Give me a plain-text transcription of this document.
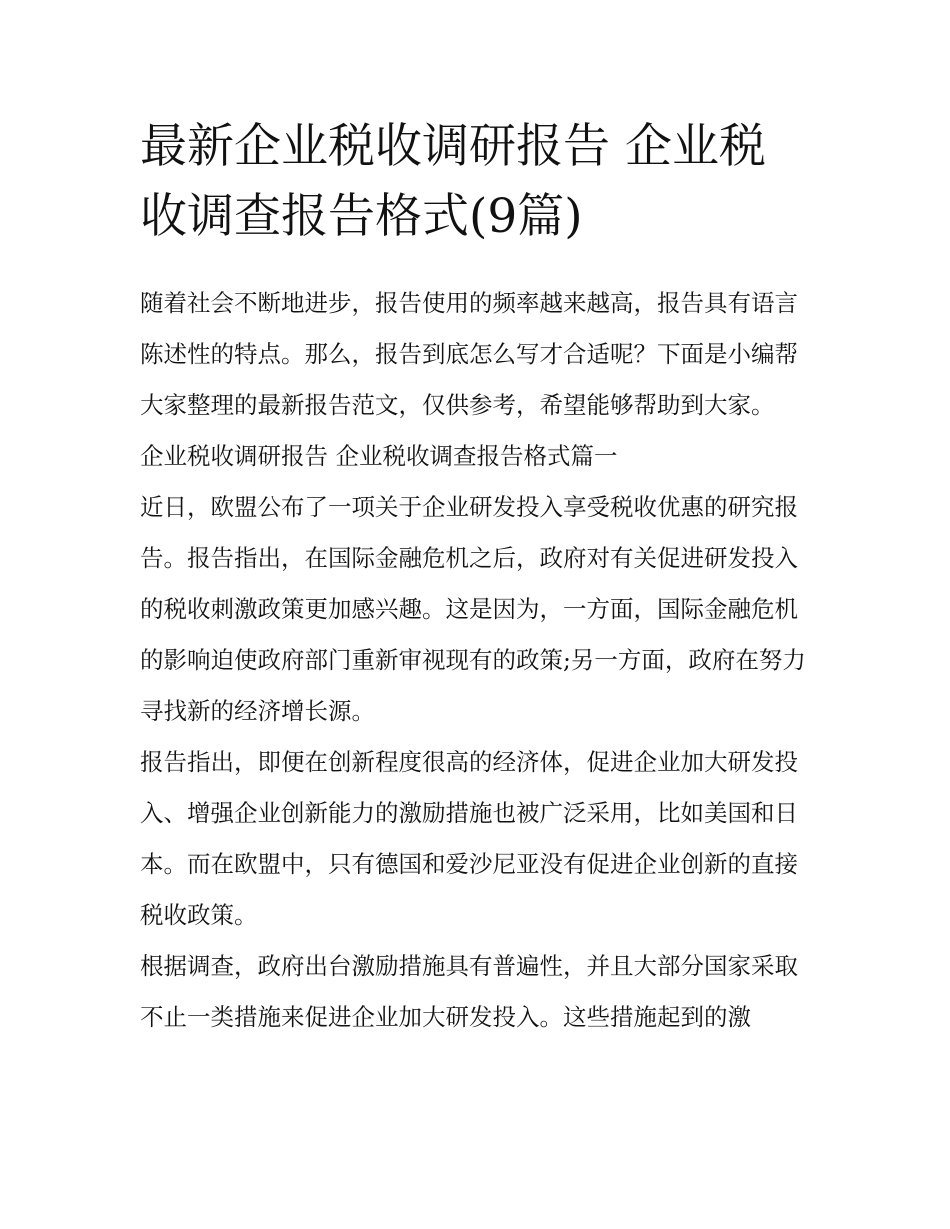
最新企业税收调研报告 企业税收调查报告格式(9篇)

随着社会不断地进步，报告使用的频率越来越高，报告具有语言陈述性的特点。那么，报告到底怎么写才合适呢？下面是小编帮大家整理的最新报告范文，仅供参考，希望能够帮助到大家。

企业税收调研报告 企业税收调查报告格式篇一

近日，欧盟公布了一项关于企业研发投入享受税收优惠的研究报告。报告指出，在国际金融危机之后，政府对有关促进研发投入的税收刺激政策更加感兴趣。这是因为，一方面，国际金融危机的影响迫使政府部门重新审视现有的政策;另一方面，政府在努力寻找新的经济增长源。

报告指出，即便在创新程度很高的经济体，促进企业加大研发投入、增强企业创新能力的激励措施也被广泛采用，比如美国和日本。而在欧盟中，只有德国和爱沙尼亚没有促进企业创新的直接税收政策。

根据调查，政府出台激励措施具有普遍性，并且大部分国家采取不止一类措施来促进企业加大研发投入。这些措施起到的激
